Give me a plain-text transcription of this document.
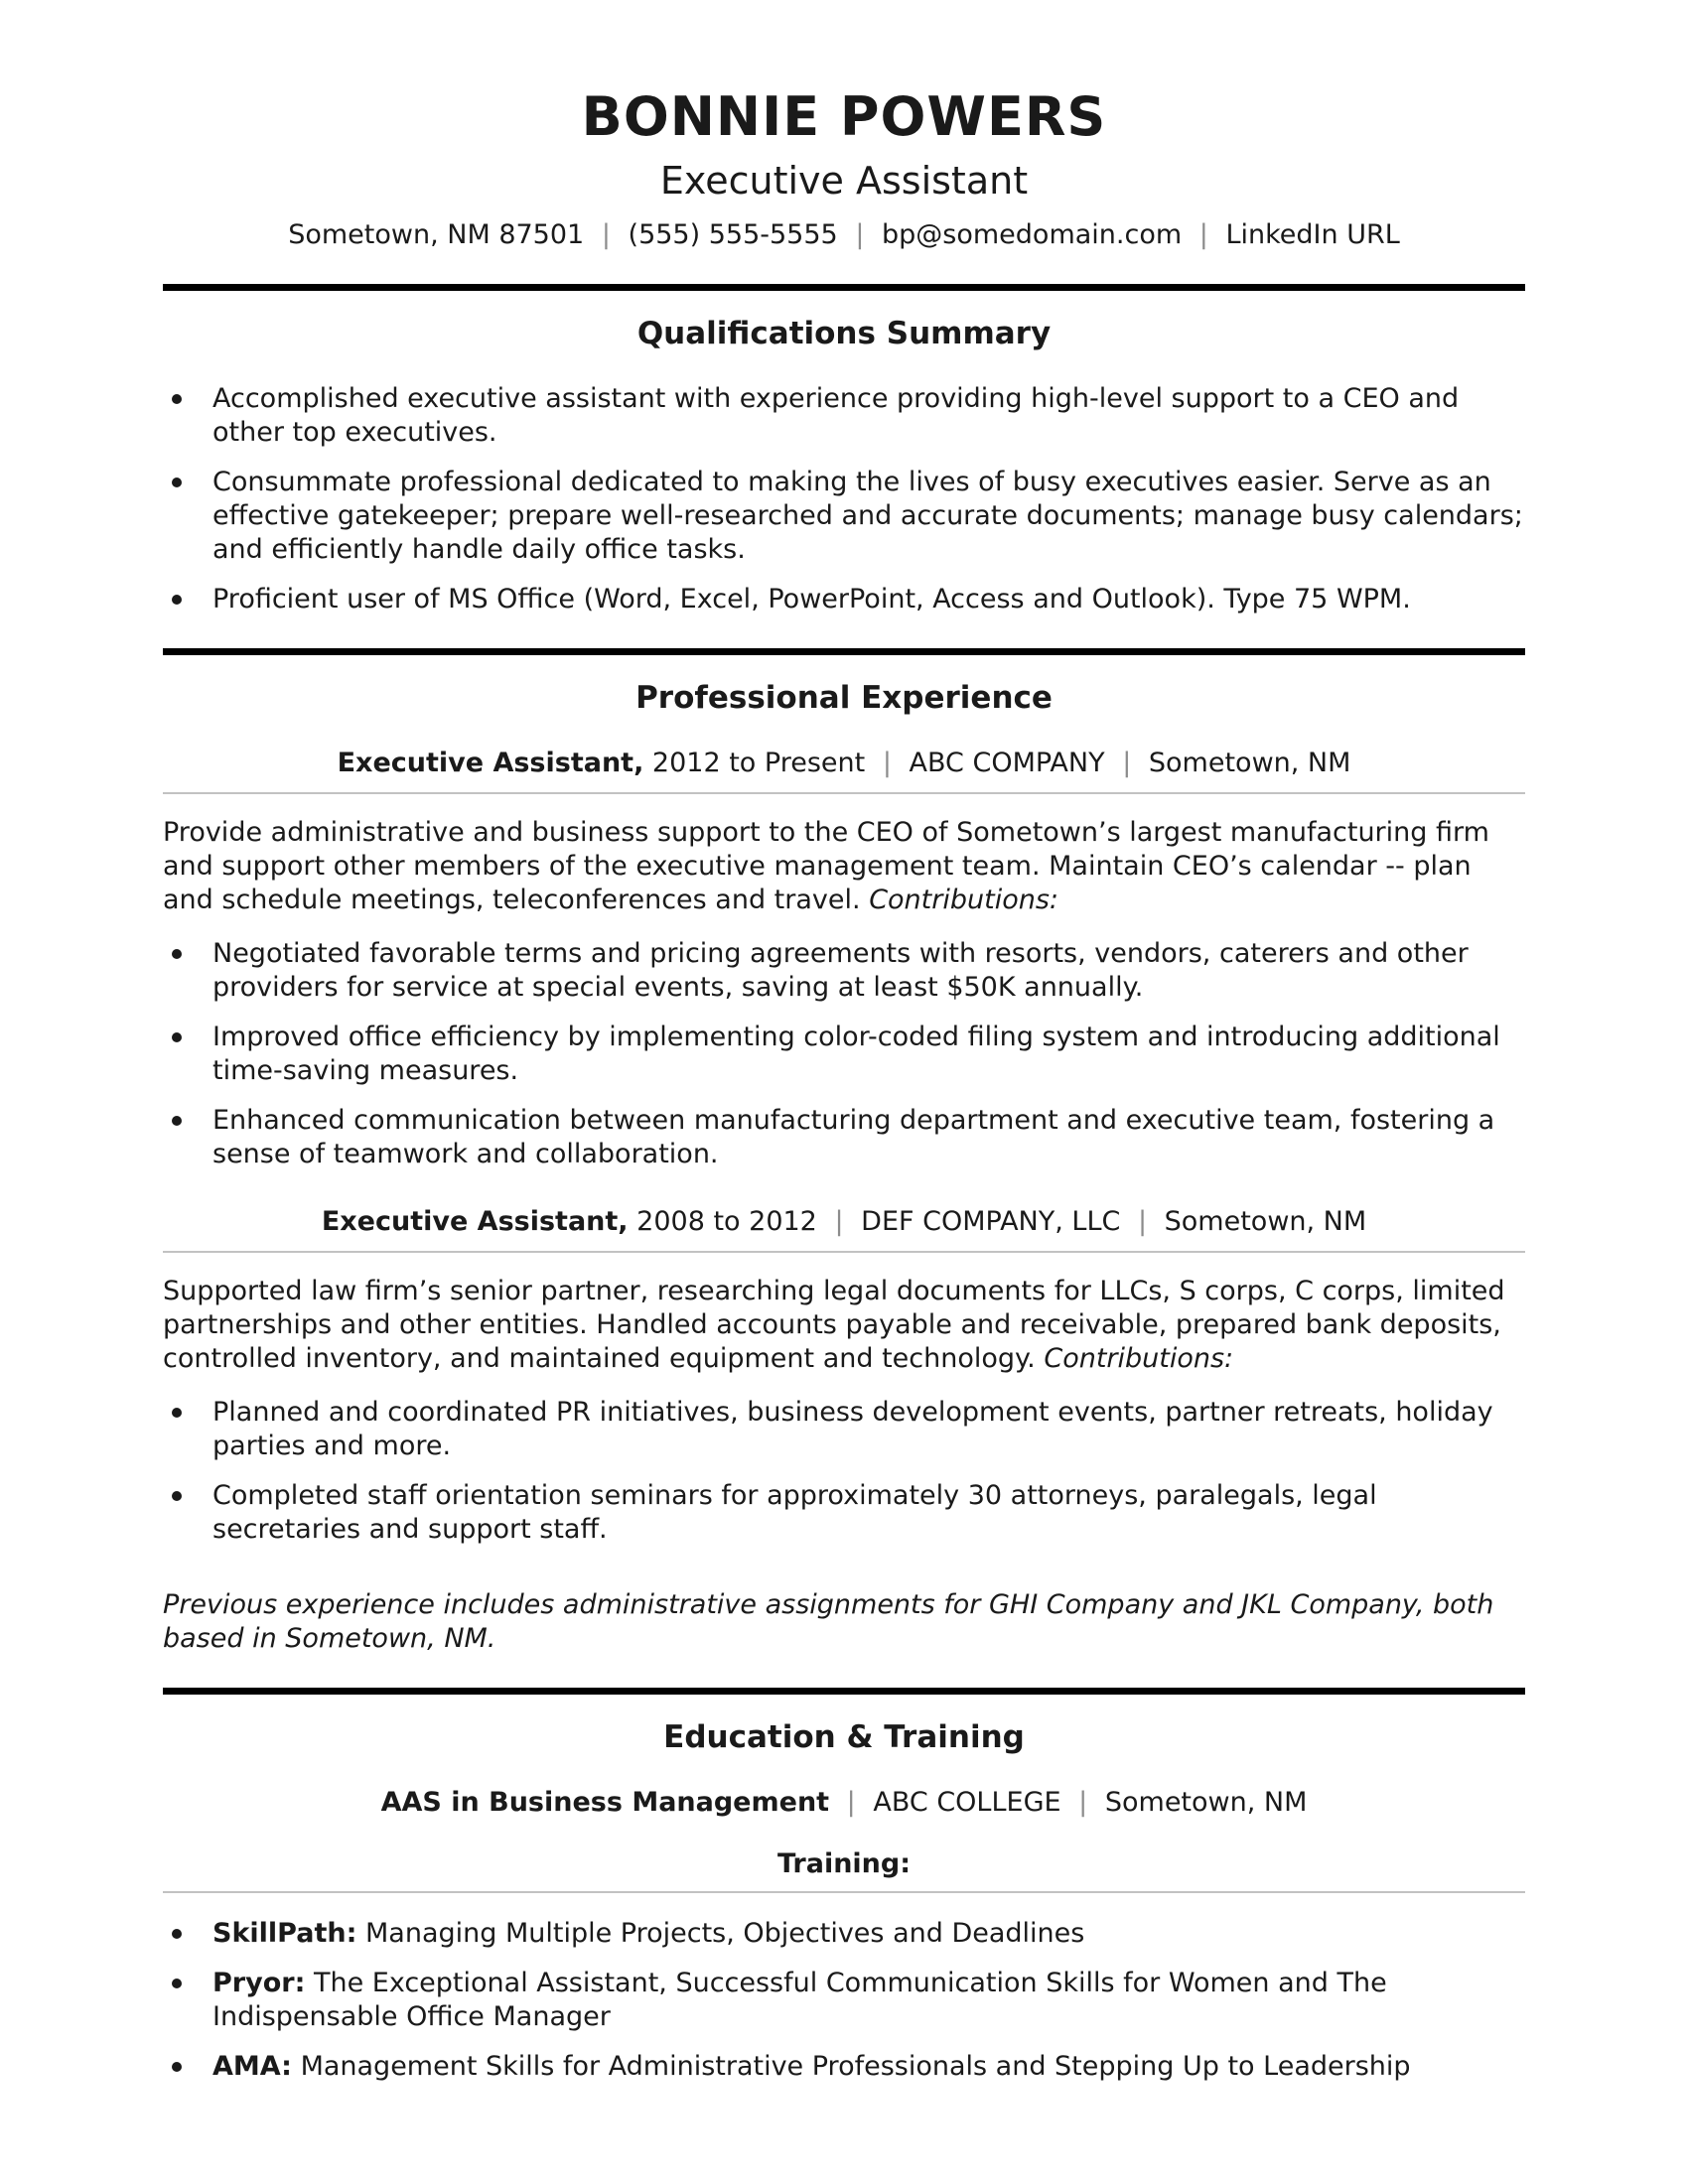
BONNIE POWERS
Executive Assistant
Sometown, NM 87501 | (555) 555-5555 | bp@somedomain.com | LinkedIn URL
Qualifications Summary
Accomplished executive assistant with experience providing high-level support to a CEO and other top executives.
Consummate professional dedicated to making the lives of busy executives easier. Serve as an effective gatekeeper; prepare well-researched and accurate documents; manage busy calendars; and efficiently handle daily office tasks.
Proficient user of MS Office (Word, Excel, PowerPoint, Access and Outlook). Type 75 WPM.
Professional Experience
Executive Assistant, 2012 to Present | ABC COMPANY | Sometown, NM

Provide administrative and business support to the CEO of Sometown’s largest manufacturing firm and support other members of the executive management team. Maintain CEO’s calendar -- plan and schedule meetings, teleconferences and travel. Contributions:

Negotiated favorable terms and pricing agreements with resorts, vendors, caterers and other providers for service at special events, saving at least $50K annually.
Improved office efficiency by implementing color-coded filing system and introducing additional time-saving measures.
Enhanced communication between manufacturing department and executive team, fostering a sense of teamwork and collaboration.
Executive Assistant, 2008 to 2012 | DEF COMPANY, LLC | Sometown, NM

Supported law firm’s senior partner, researching legal documents for LLCs, S corps, C corps, limited partnerships and other entities. Handled accounts payable and receivable, prepared bank deposits, controlled inventory, and maintained equipment and technology. Contributions:

Planned and coordinated PR initiatives, business development events, partner retreats, holiday parties and more.
Completed staff orientation seminars for approximately 30 attorneys, paralegals, legal secretaries and support staff.

Previous experience includes administrative assignments for GHI Company and JKL Company, both based in Sometown, NM.

Education & Training
AAS in Business Management | ABC COLLEGE | Sometown, NM
Training:
SkillPath: Managing Multiple Projects, Objectives and Deadlines
Pryor: The Exceptional Assistant, Successful Communication Skills for Women and The Indispensable Office Manager
AMA: Management Skills for Administrative Professionals and Stepping Up to Leadership
